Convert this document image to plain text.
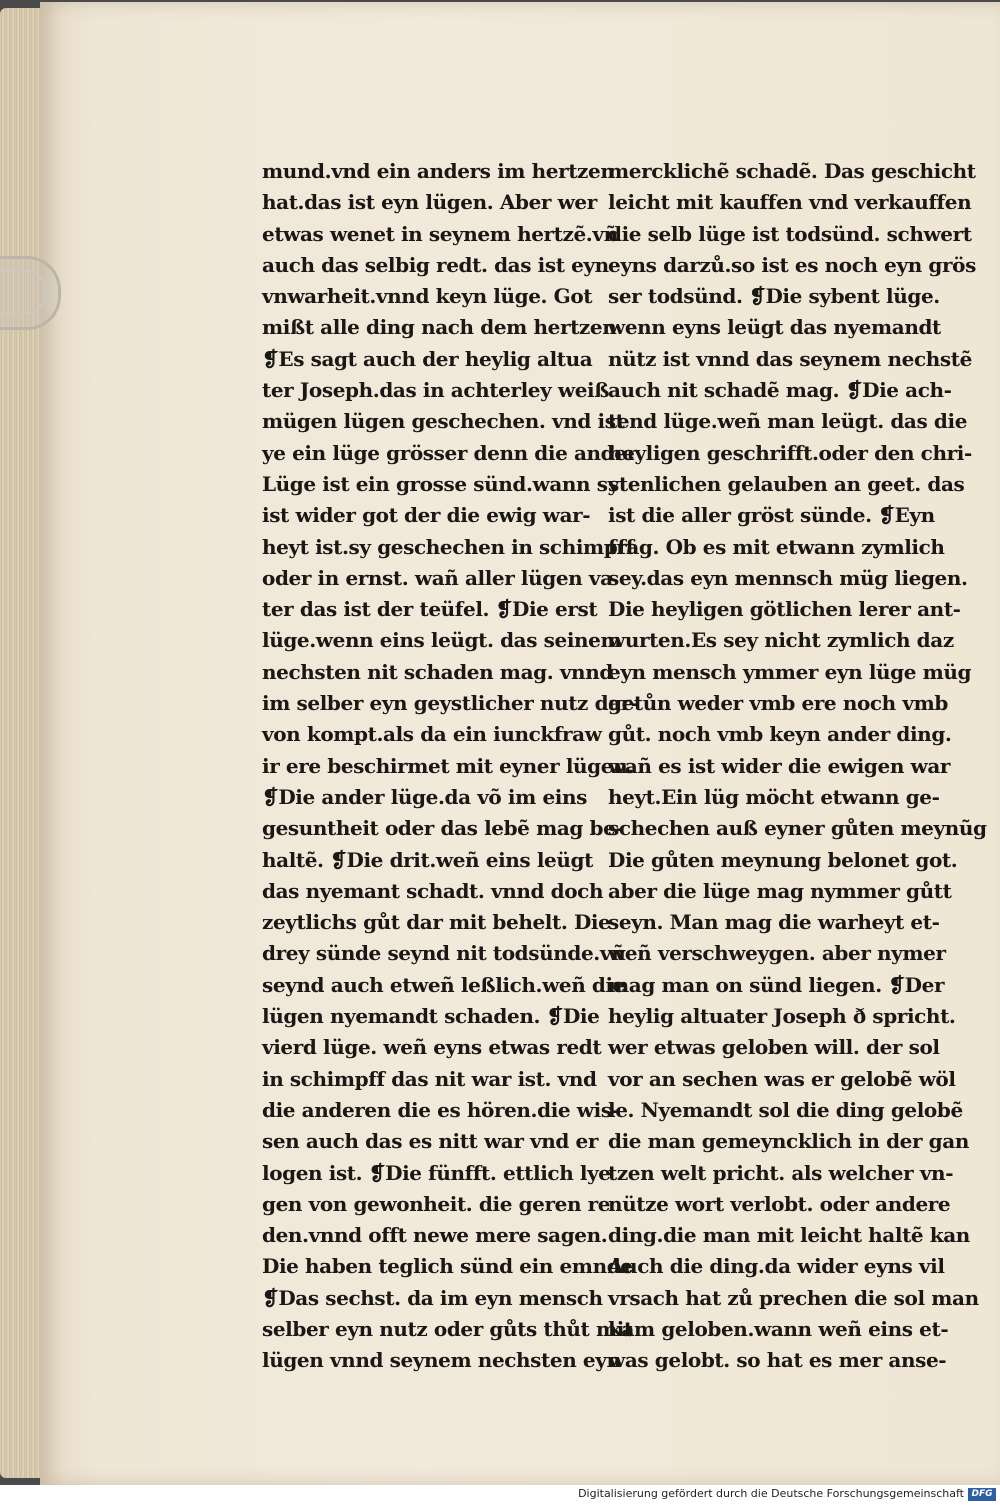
mund.vnd ein anders im hertzen
hat.das ist eyn lügen. Aber wer
etwas wenet in seynem hertzẽ.vñ
auch das selbig redt. das ist eyn
vnwarheit.vnnd keyn lüge. Got
mißt alle ding nach dem hertzen
❡Es sagt auch der heylig altua
ter Joseph.das in achterley weiß
mügen lügen geschechen. vnd ist
ye ein lüge grösser denn die ander
Lüge ist ein grosse sünd.wann sy
ist wider got der die ewig war-
heyt ist.sy geschechen in schimpff
oder in ernst. wañ aller lügen va
ter das ist der teüfel. ❡Die erst
lüge.wenn eins leügt. das seinem
nechsten nit schaden mag. vnnd
im selber eyn geystlicher nutz dar-
von kompt.als da ein iunckfraw
ir ere beschirmet mit eyner lügen.
❡Die ander lüge.da võ im eins
gesuntheit oder das lebẽ mag be-
haltẽ. ❡Die drit.weñ eins leügt
das nyemant schadt. vnnd doch
zeytlichs gůt dar mit behelt. Die
drey sünde seynd nit todsünde.vñ
seynd auch etweñ leßlich.weñ die
lügen nyemandt schaden. ❡Die
vierd lüge. weñ eyns etwas redt
in schimpff das nit war ist. vnd
die anderen die es hören.die wis-
sen auch das es nitt war vnd er
logen ist. ❡Die fünfft. ettlich lye
gen von gewonheit. die geren re
den.vnnd offt newe mere sagen.
Die haben teglich sünd ein emnde
❡Das sechst. da im eyn mensch
selber eyn nutz oder gůts thůt mit
lügen vnnd seynem nechsten eyn
mercklichẽ schadẽ. Das geschicht
leicht mit kauffen vnd verkauffen
die selb lüge ist todsünd. schwert
eyns darzů.so ist es noch eyn grös
ser todsünd. ❡Die sybent lüge.
wenn eyns leügt das nyemandt
nütz ist vnnd das seynem nechstẽ
auch nit schadẽ mag. ❡Die ach-
tend lüge.weñ man leügt. das die
heyligen geschrifft.oder den chri-
stenlichen gelauben an geet. das
ist die aller gröst sünde. ❡Eyn
frag. Ob es mit etwann zymlich
sey.das eyn mennsch müg liegen.
Die heyligen götlichen lerer ant-
wurten.Es sey nicht zymlich daz
eyn mensch ymmer eyn lüge müg
getůn weder vmb ere noch vmb
gůt. noch vmb keyn ander ding.
wañ es ist wider die ewigen war
heyt.Ein lüg möcht etwann ge-
schechen auß eyner gůten meynũg
Die gůten meynung belonet got.
aber die lüge mag nymmer gůtt
seyn. Man mag die warheyt et-
weñ verschweygen. aber nymer
mag man on sünd liegen. ❡Der
heylig altuater Joseph ð spricht.
wer etwas geloben will. der sol
vor an sechen was er gelobẽ wöl
le. Nyemandt sol die ding gelobẽ
die man gemeyncklich in der gan
tzen welt pricht. als welcher vn-
nütze wort verlobt. oder andere
ding.die man mit leicht haltẽ kan
Auch die ding.da wider eyns vil
vrsach hat zů prechen die sol man
kam geloben.wann weñ eins et-
was gelobt. so hat es mer anse-
Digitalisierung gefördert durch die Deutsche Forschungsgemeinschaft DFG
